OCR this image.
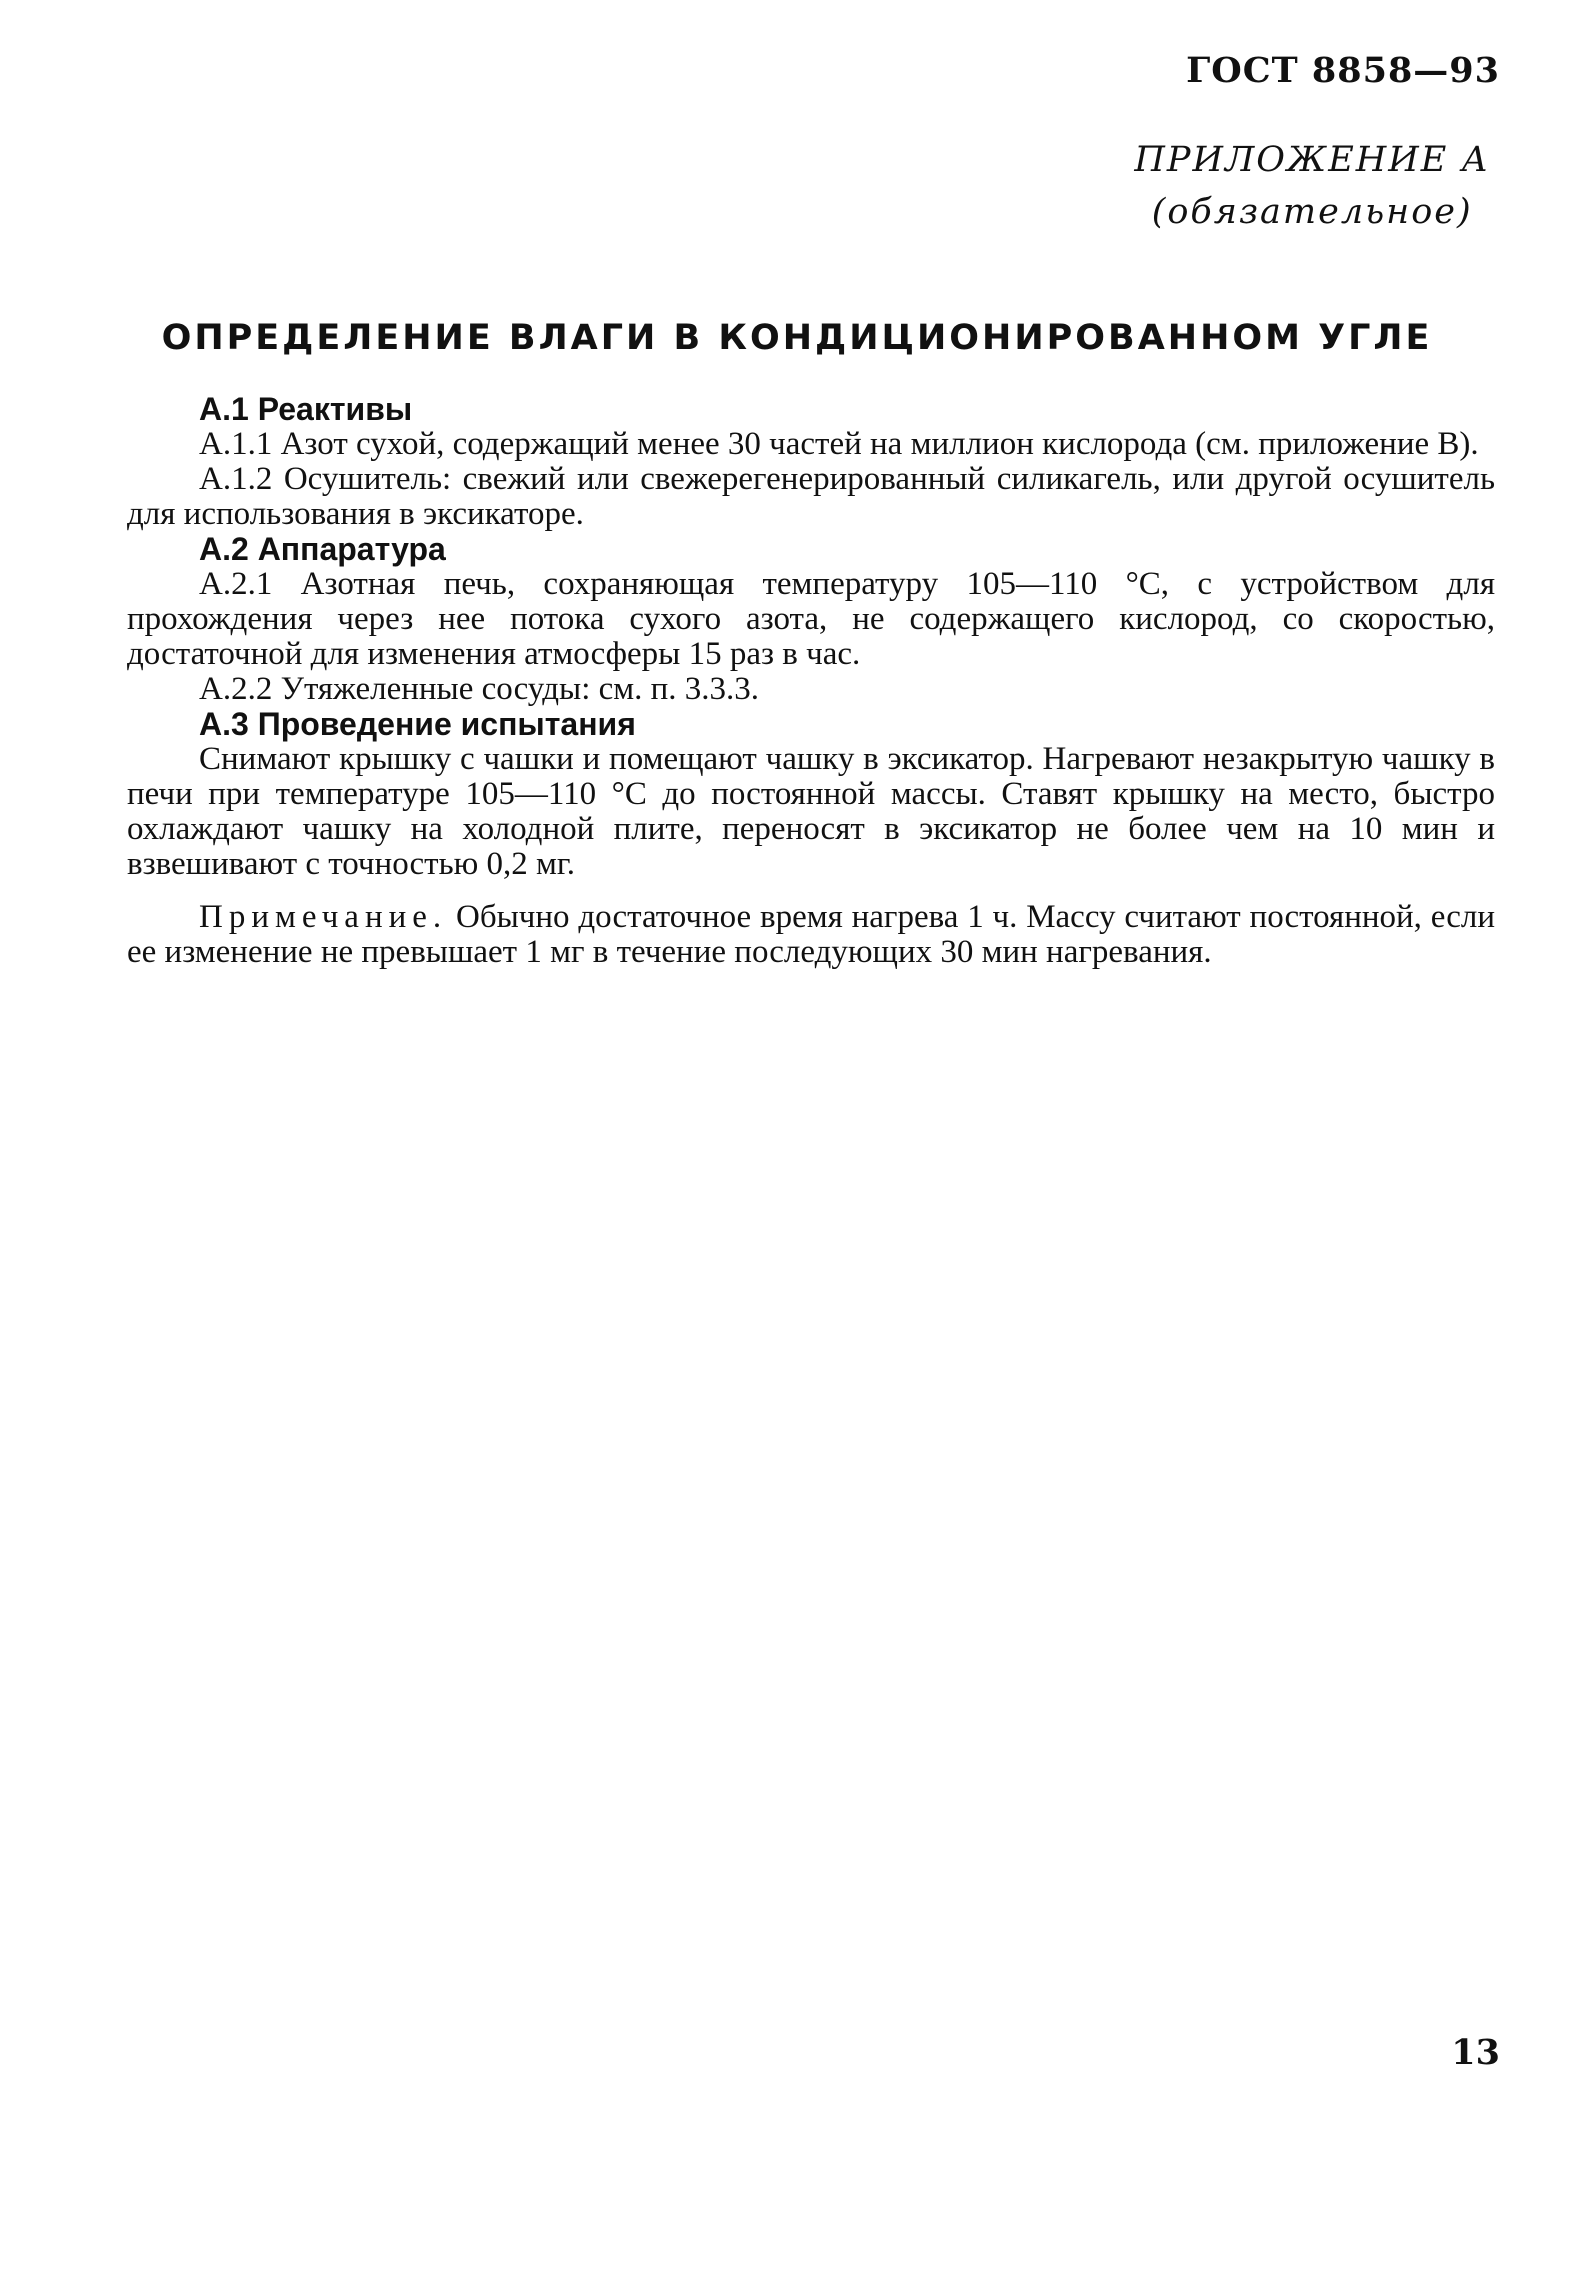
ГОСТ 8858—93
ПРИЛОЖЕНИЕ А
(обязательное)
ОПРЕДЕЛЕНИЕ ВЛАГИ В КОНДИЦИОНИРОВАННОМ УГЛЕ

А.1 Реактивы

А.1.1 Азот сухой, содержащий менее 30 частей на миллион кислорода (см. приложение В).

А.1.2 Осушитель: свежий или свежерегенерированный силикагель, или другой осушитель для использования в эксикаторе.

А.2 Аппаратура

А.2.1 Азотная печь, сохраняющая температуру 105—110 °С, с устройством для прохождения через нее потока сухого азота, не содержащего кислород, со скоростью, достаточной для изменения атмосферы 15 раз в час.

А.2.2 Утяжеленные сосуды: см. п. 3.3.3.

А.3 Проведение испытания

Снимают крышку с чашки и помещают чашку в эксикатор. Нагревают незакрытую чашку в печи при температуре 105—110 °С до постоянной массы. Ставят крышку на место, быстро охлаждают чашку на холодной плите, переносят в эксикатор не более чем на 10 мин и взвешивают с точностью 0,2 мг.

Примечание. Обычно достаточное время нагрева 1 ч. Массу считают постоянной, если ее изменение не превышает 1 мг в течение последующих 30 мин нагревания.

13
